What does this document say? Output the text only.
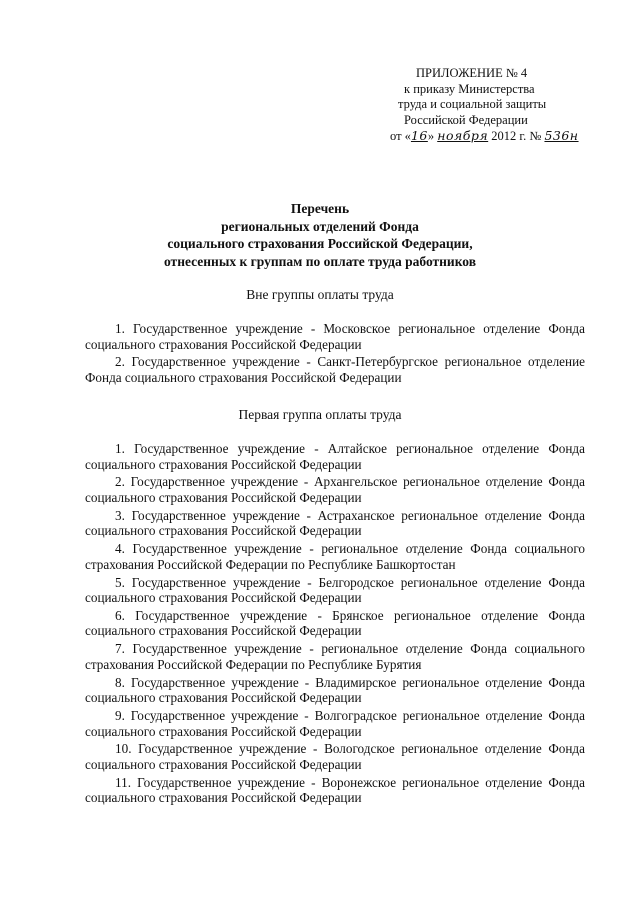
ПРИЛОЖЕНИЕ № 4
к приказу Министерства
труда и социальной защиты
Российской Федерации
от «16» ноября 2012 г. № 536н
Перечень
региональных отделений Фонда
социального страхования Российской Федерации,
отнесенных к группам по оплате труда работников
Вне группы оплаты труда

1. Государственное учреждение - Московское региональное отделение Фонда социального страхования Российской Федерации

2. Государственное учреждение - Санкт-Петербургское региональное отделение Фонда социального страхования Российской Федерации

Первая группа оплаты труда

1. Государственное учреждение - Алтайское региональное отделение Фонда социального страхования Российской Федерации

2. Государственное учреждение - Архангельское региональное отделение Фонда социального страхования Российской Федерации

3. Государственное учреждение - Астраханское региональное отделение Фонда социального страхования Российской Федерации

4. Государственное учреждение - региональное отделение Фонда социального страхования Российской Федерации по Республике Башкортостан

5. Государственное учреждение - Белгородское региональное отделение Фонда социального страхования Российской Федерации

6. Государственное учреждение - Брянское региональное отделение Фонда социального страхования Российской Федерации

7. Государственное учреждение - региональное отделение Фонда социального страхования Российской Федерации по Республике Бурятия

8. Государственное учреждение - Владимирское региональное отделение Фонда социального страхования Российской Федерации

9. Государственное учреждение - Волгоградское региональное отделение Фонда социального страхования Российской Федерации

10. Государственное учреждение - Вологодское региональное отделение Фонда социального страхования Российской Федерации

11. Государственное учреждение - Воронежское региональное отделение Фонда социального страхования Российской Федерации
